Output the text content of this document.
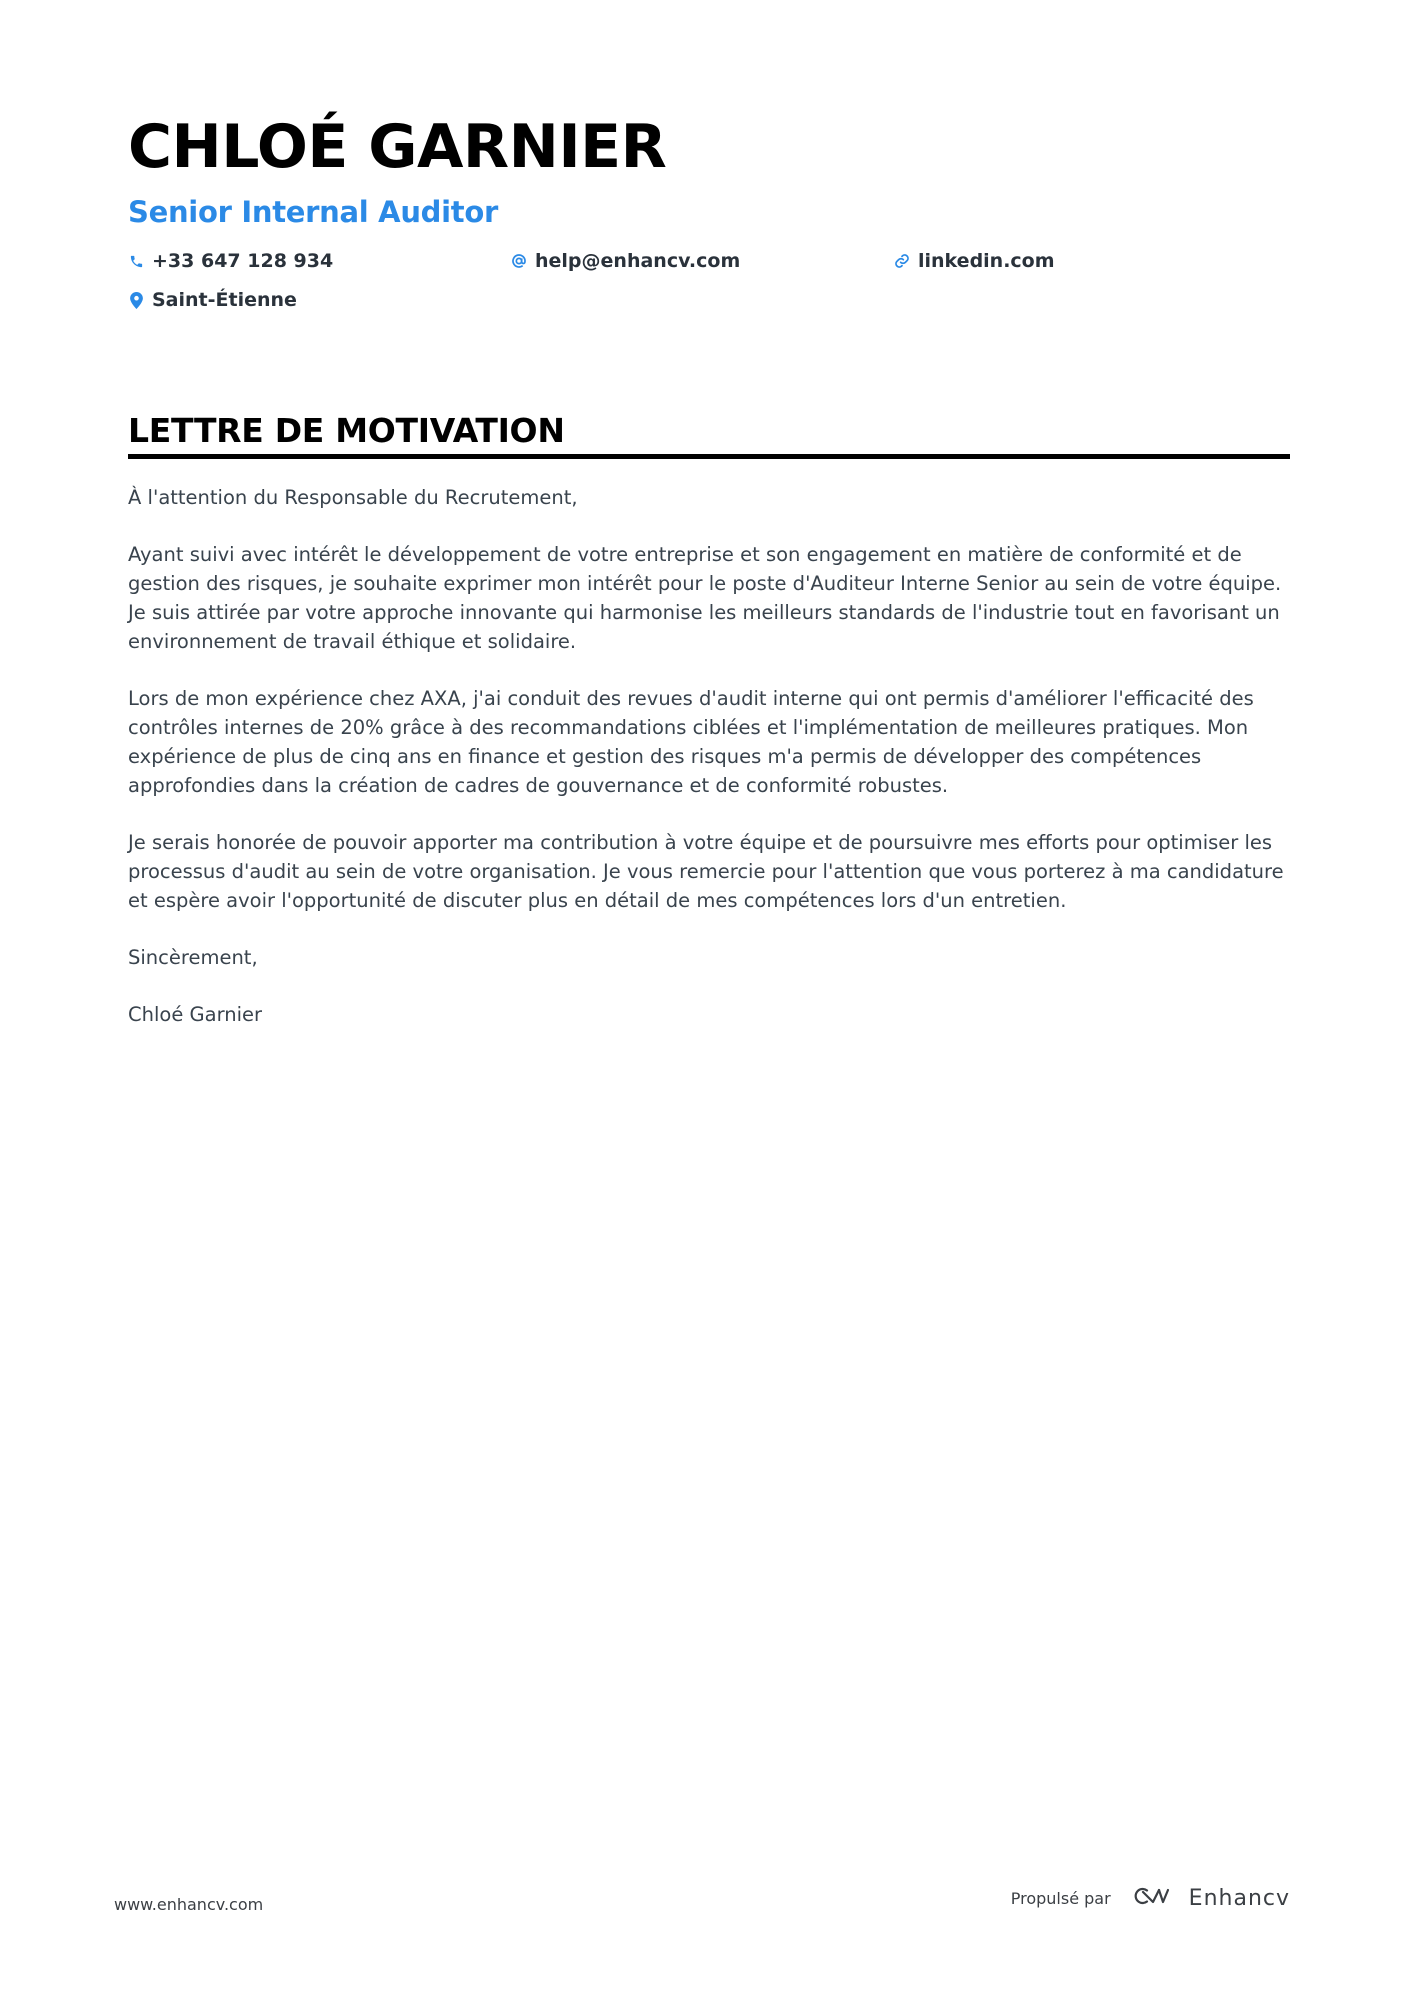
CHLOÉ GARNIER
Senior Internal Auditor
+33 647 128 934	help@enhancv.com	linkedin.com
Saint-Étienne
LETTRE DE MOTIVATION

À l'attention du Responsable du Recrutement,

Ayant suivi avec intérêt le développement de votre entreprise et son engagement en matière de conformité et de gestion des risques, je souhaite exprimer mon intérêt pour le poste d'Auditeur Interne Senior au sein de votre équipe. Je suis attirée par votre approche innovante qui harmonise les meilleurs standards de l'industrie tout en favorisant un environnement de travail éthique et solidaire.

Lors de mon expérience chez AXA, j'ai conduit des revues d'audit interne qui ont permis d'améliorer l'efficacité des contrôles internes de 20% grâce à des recommandations ciblées et l'implémentation de meilleures pratiques. Mon expérience de plus de cinq ans en finance et gestion des risques m'a permis de développer des compétences approfondies dans la création de cadres de gouvernance et de conformité robustes.

Je serais honorée de pouvoir apporter ma contribution à votre équipe et de poursuivre mes efforts pour optimiser les processus d'audit au sein de votre organisation. Je vous remercie pour l'attention que vous porterez à ma candidature et espère avoir l'opportunité de discuter plus en détail de mes compétences lors d'un entretien.

Sincèrement,

Chloé Garnier

www.enhancv.com	Propulsé par	Enhancv
